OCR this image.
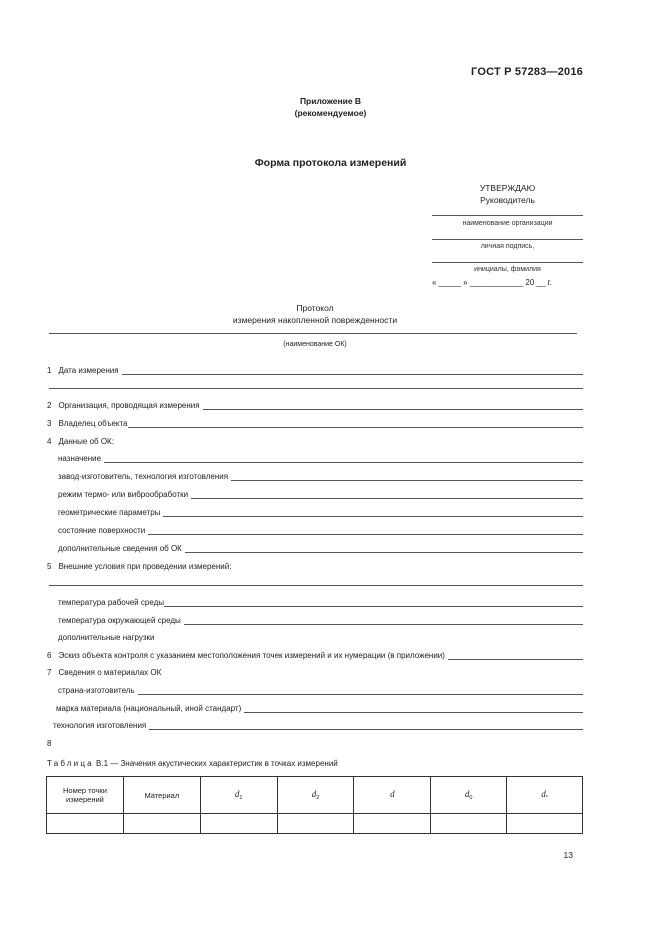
ГОСТ Р 57283—2016
Приложение В
(рекомендуемое)
Форма протокола измерений
УТВЕРЖДАЮ
Руководитель
наименование организации
личная подпись,
инициалы, фамилия
« _____ » ____________ 20 __ г.
Протокол
измерения накопленной поврежденности
(наименование ОК)
1 Дата измерения
2 Организация, проводящая измерения
3 Владелец объекта
4 Данные об ОК:
назначение
завод-изготовитель, технология изготовления
режим термо- или виброобработки
геометрические параметры
состояние поверхности
дополнительные сведения об ОК
5 Внешние условия при проведении измерений:
температура рабочей среды
температура окружающей среды
дополнительные нагрузки
6 Эскиз объекта контроля с указанием местоположения точек измерений и их нумерации (в приложении)
7 Сведения о материалах ОК
страна-изготовитель
марка материала (национальный, иной стандарт)
технология изготовления
8
Таблица В.1 — Значения акустических характеристик в точках измерений
Номер точки измерений	Материал	$d_1$	$d_2$	d	$d_0$	$d_*$

13
